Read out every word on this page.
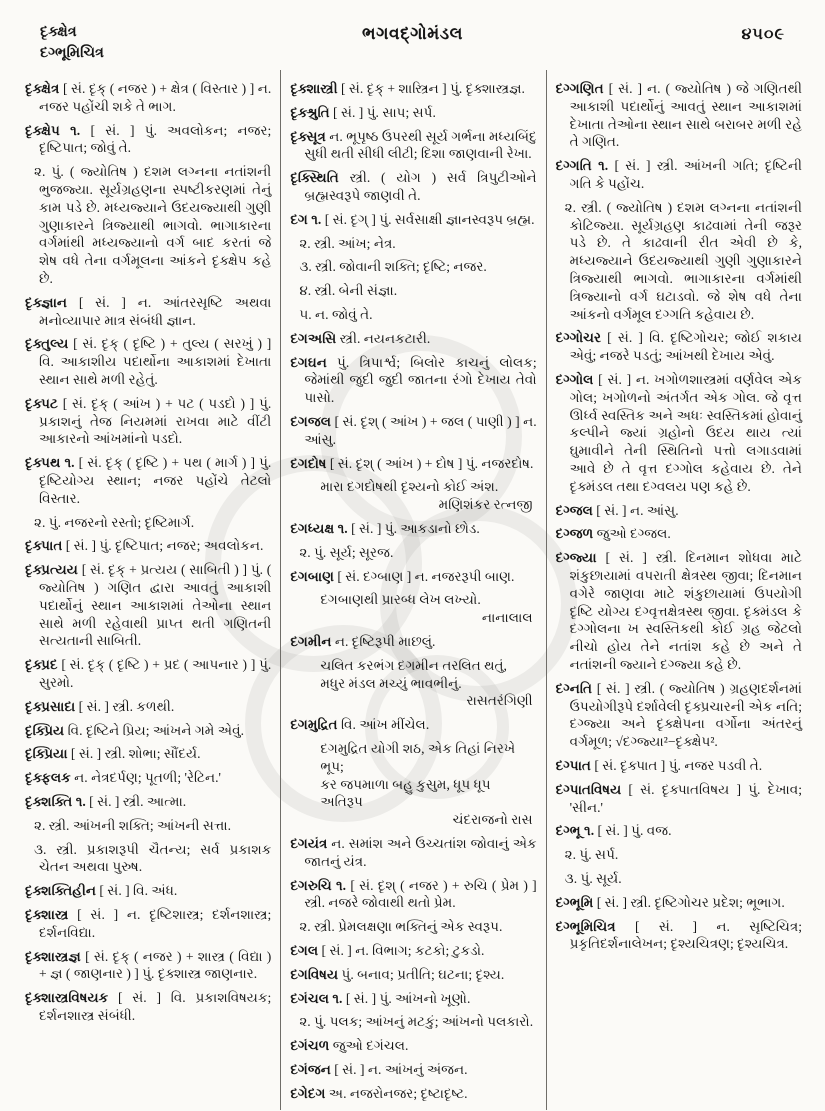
દૃક્ક્ષેત્ર
દગ્ભૂમિચિત્ર
ભગવદ્ગોમંડલ	૪૫૦૯

દૃક્ક્ષેત્ર [ સં. દૃક્ ( નજર ) + ક્ષેત્ર ( વિસ્તાર ) ] ન. નજર પહોંચી શકે તે ભાગ.

દૃક્ક્ષેપ ૧. [ સં. ] પું. અવલોકન; નજર; દૃષ્ટિપાત; જોવું તે.

૨. પું. ( જ્યોતિષ ) દશમ લગ્નના નતાંશની ભુજજ્યા. સૂર્યગ્રહણના સ્પષ્ટીકરણમાં તેનું કામ પડે છે. મધ્યજ્યાને ઉદયજ્યાથી ગુણી ગુણાકારને ત્રિજ્યાથી ભાગવો. ભાગાકારના વર્ગમાંથી મધ્યજ્યાનો વર્ગ બાદ કરતાં જે શેષ વધે તેના વર્ગમૂલના આંકને દૃક્ક્ષેપ કહે છે.

દૃક્જ્ઞાન [ સં. ] ન. આંતરસૃષ્ટિ અથવા મનોવ્યાપાર માત્ર સંબંધી જ્ઞાન.

દૃક્તુલ્ય [ સં. દૃક્ ( દૃષ્ટિ ) + તુલ્ય ( સરખું ) ] વિ. આકાશીય પદાર્થોના આકાશમાં દેખાતા સ્થાન સાથે મળી રહેતું.

દૃક્પટ [ સં. દૃક્ ( આંખ ) + પટ ( પડદો ) ] પું. પ્રકાશનું તેજ નિયમમાં રાખવા માટે વીંટી આકારનો આંખમાંનો પડદો.

દૃક્પથ ૧. [ સં. દૃક્ ( દૃષ્ટિ ) + પથ ( માર્ગ ) ] પું. દૃષ્ટિયોગ્ય સ્થાન; નજર પહોંચે તેટલો વિસ્તાર.

૨. પું. નજરનો રસ્તો; દૃષ્ટિમાર્ગ.

દૃક્પાત [ સં. ] પું. દૃષ્ટિપાત; નજર; અવલોકન.

દૃક્પ્રત્યય [ સં. દૃક્ + પ્રત્યય ( સાબિતી ) ] પું. ( જ્યોતિષ ) ગણિત દ્વારા આવતું આકાશી પદાર્થોનું સ્થાન આકાશમાં તેઓના સ્થાન સાથે મળી રહેવાથી પ્રાપ્ત થતી ગણિતની સત્યતાની સાબિતી.

દૃક્પ્રદ [ સં. દૃક્ ( દૃષ્ટિ ) + પ્રદ ( આપનાર ) ] પું. સુરમો.

દૃક્પ્રસાદા [ સં. ] સ્ત્રી. કળથી.

દૃક્પ્રિય વિ. દૃષ્ટિને પ્રિય; આંખને ગમે એવું.

દૃક્પ્રિયા [ સં. ] સ્ત્રી. શોભા; સૌંદર્ય.

દૃક્ફલક ન. નેત્રદર્પણ; પૂતળી; 'રેટિન.'

દૃક્શક્તિ ૧. [ સં. ] સ્ત્રી. આત્મા.

૨. સ્ત્રી. આંખની શક્તિ; આંખની સત્તા.

૩. સ્ત્રી. પ્રકાશરૂપી ચૈતન્ય; સર્વ પ્રકાશક ચેતન અથવા પુરુષ.

દૃક્શક્તિહીન [ સં. ] વિ. અંધ.

દૃક્શાસ્ત્ર [ સં. ] ન. દૃષ્ટિશાસ્ત્ર; દર્શનશાસ્ત્ર; દર્શનવિદ્યા.

દૃક્શાસ્ત્રજ્ઞ [ સં. દૃક્ ( નજર ) + શાસ્ત્ર ( વિદ્યા ) + જ્ઞ ( જાણનાર ) ] પું. દૃક્શાસ્ત્ર જાણનાર.

દૃક્શાસ્ત્રવિષયક [ સં. ] વિ. પ્રકાશવિષયક; દર્શનશાસ્ત્ર સંબંધી.

દૃક્શાસ્ત્રી [ સં. દૃક્ + શાસ્ત્રિન ] પું. દૃક્શાસ્ત્રજ્ઞ.

દૃક્શ્રુતિ [ સં. ] પું. સાપ; સર્પ.

દૃક્સૂત્ર ન. ભૂપૃષ્ઠ ઉપરથી સૂર્ય ગર્ભના મધ્યબિંદુ સુધી થતી સીધી લીટી; દિશા જાણવાની રેખા.

દૃક્સ્થિતિ સ્ત્રી. ( યોગ ) સર્વ ત્રિપુટીઓને બ્રહ્મસ્વરૂપે જાણવી તે.

દગ ૧. [ સં. દૃગ્ ] પું. સર્વસાક્ષી જ્ઞાનસ્વરૂપ બ્રહ્મ.

૨. સ્ત્રી. આંખ; નેત્ર.

૩. સ્ત્રી. જોવાની શક્તિ; દૃષ્ટિ; નજર.

૪. સ્ત્રી. બેની સંજ્ઞા.

૫. ન. જોવું તે.

દગઅસિ સ્ત્રી. નયનકટારી.

દગઘન પું. ત્રિપાર્શ્વ; બિલોર કાચનું લોલક; જેમાંથી જુદી જુદી જાતના રંગો દેખાય તેવો પાસો.

દગજલ [ સં. દૃશ્ ( આંખ ) + જલ ( પાણી ) ] ન. આંસુ.

દગદોષ [ સં. દૃશ્ ( આંખ ) + દોષ ] પું. નજરદોષ.

મારા દગદોષથી દૃશ્યનો કોઈ અંશ.
મણિશંકર રત્નજી

દગધ્યક્ષ ૧. [ સં. ] પું. આકડાનો છોડ.

૨. પું. સૂર્ય; સૂરજ.

દગબાણ [ સં. દગ્બાણ ] ન. નજરરૂપી બાણ.

દગબાણથી પ્રારબ્ધ લેખ લખ્યો.
નાનાલાલ

દગમીન ન. દૃષ્ટિરૂપી માછલું.

ચલિત કરભંગ દગમીન તરલિત થતું,
મધુર મંડલ મચ્યું ભાવભીનું.
રાસતરંગિણી

દગમુદ્રિત વિ. આંખ મીંચેલ.

દગમુદ્રિત યોગી શઠ, એક તિહાં નિરખે ભૂપ;
કર જપમાળા બહુ કુસુમ, ધૂપ ધૂપ અતિરૂપ
ચંદરાજનો રાસ

દગયંત્ર ન. સમાંશ અને ઉચ્ચતાંશ જોવાનું એક જાતનું યંત્ર.

દગરુચિ ૧. [ સં. દૃશ્ ( નજર ) + રુચિ ( પ્રેમ ) ] સ્ત્રી. નજરે જોવાથી થતો પ્રેમ.

૨. સ્ત્રી. પ્રેમલક્ષણા ભક્તિનું એક સ્વરૂપ.

દગલ [ સં. ] ન. વિભાગ; કટકો; ટુકડો.

દગવિષય પું. બનાવ; પ્રતીતિ; ઘટના; દૃશ્ય.

દગંચલ ૧. [ સં. ] પું. આંખનો ખૂણો.

૨. પું. પલક; આંખનું મટકું; આંખનો પલકારો.

દગંચળ જુઓ દગંચલ.

દગંજન [ સં. ] ન. આંખનું અંજન.

દગેદગ અ. નજરોનજર; દૃષ્ટાદૃષ્ટ.

દગ્ગણિત [ સં. ] ન. ( જ્યોતિષ ) જે ગણિતથી આકાશી પદાર્થોનું આવતું સ્થાન આકાશમાં દેખાતા તેઓના સ્થાન સાથે બરાબર મળી રહે તે ગણિત.

દગ્ગતિ ૧. [ સં. ] સ્ત્રી. આંખની ગતિ; દૃષ્ટિની ગતિ કે પહોંચ.

૨. સ્ત્રી. ( જ્યોતિષ ) દશમ લગ્નના નતાંશની કોટિજ્યા. સૂર્યગ્રહણ કાઢવામાં તેની જરૂર પડે છે. તે કાઢવાની રીત એવી છે કે, મધ્યજ્યાને ઉદયજ્યાથી ગુણી ગુણાકારને ત્રિજ્યાથી ભાગવો. ભાગાકારના વર્ગમાંથી ત્રિજ્યાનો વર્ગ ઘટાડવો. જે શેષ વધે તેના આંકનો વર્ગમૂલ દગ્ગતિ કહેવાય છે.

દગ્ગોચર [ સં. ] વિ. દૃષ્ટિગોચર; જોઈ શકાય એવું; નજરે પડતું; આંખથી દેખાય એવું.

દગ્ગોલ [ સં. ] ન. ખગોળશાસ્ત્રમાં વર્ણવેલ એક ગોલ; ખગોળનો અંતર્ગત એક ગોલ. જે વૃત્ત ઊર્ધ્વ સ્વસ્તિક અને અધઃ સ્વસ્તિકમાં હોવાનું કલ્પીને જ્યાં ગ્રહોનો ઉદય થાય ત્યાં ઘુમાવીને તેની સ્થિતિનો પત્તો લગાડવામાં આવે છે તે વૃત્ત દગ્ગોલ કહેવાય છે. તેને દૃક્મંડલ તથા દગ્વલય પણ કહે છે.

દગ્જલ [ સં. ] ન. આંસુ.

દગ્જળ જુઓ દગ્જલ.

દગ્જ્યા [ સં. ] સ્ત્રી. દિનમાન શોધવા માટે શંકુછાયામાં વપરાતી ક્ષેત્રસ્થ જીવા; દિનમાન વગેરે જાણવા માટે શંકુછાયામાં ઉપયોગી દૃષ્ટિ યોગ્ય દગ્વૃત્તક્ષેત્રસ્થ જીવા. દૃક્મંડલ કે દગ્ગોલના ખ સ્વસ્તિકથી કોઈ ગ્રહ જેટલો નીચો હોય તેને નતાંશ કહે છે અને તે નતાંશની જ્યાને દગ્જ્યા કહે છે.

દગ્નતિ [ સં. ] સ્ત્રી. ( જ્યોતિષ ) ગ્રહણદર્શનમાં ઉપયોગીરૂપે દર્શાવેલી દૃક્પ્રચારની એક નતિ; દગ્જ્યા અને દૃક્ક્ષેપના વર્ગોના અંતરનું વર્ગમૂળ; √દગ્જ્યા²−દૃક્ક્ષેપ².

દગ્પાત [ સં. દૃક્પાત ] પું. નજર પડવી તે.

દગ્પાતવિષય [ સં. દૃક્પાતવિષય ] પું. દેખાવ; 'સીન.'

દગ્ભૂ ૧. [ સં. ] પું. વજ.

૨. પું. સર્પ.

૩. પું. સૂર્ય.

દગ્ભૂમિ [ સં. ] સ્ત્રી. દૃષ્ટિગોચર પ્રદેશ; ભૂભાગ.

દગ્ભૂમિચિત્ર [ સં. ] ન. સૃષ્ટિચિત્ર; પ્રકૃતિદર્શનાલેખન; દૃશ્યચિત્રણ; દૃશ્યચિત્ર.
